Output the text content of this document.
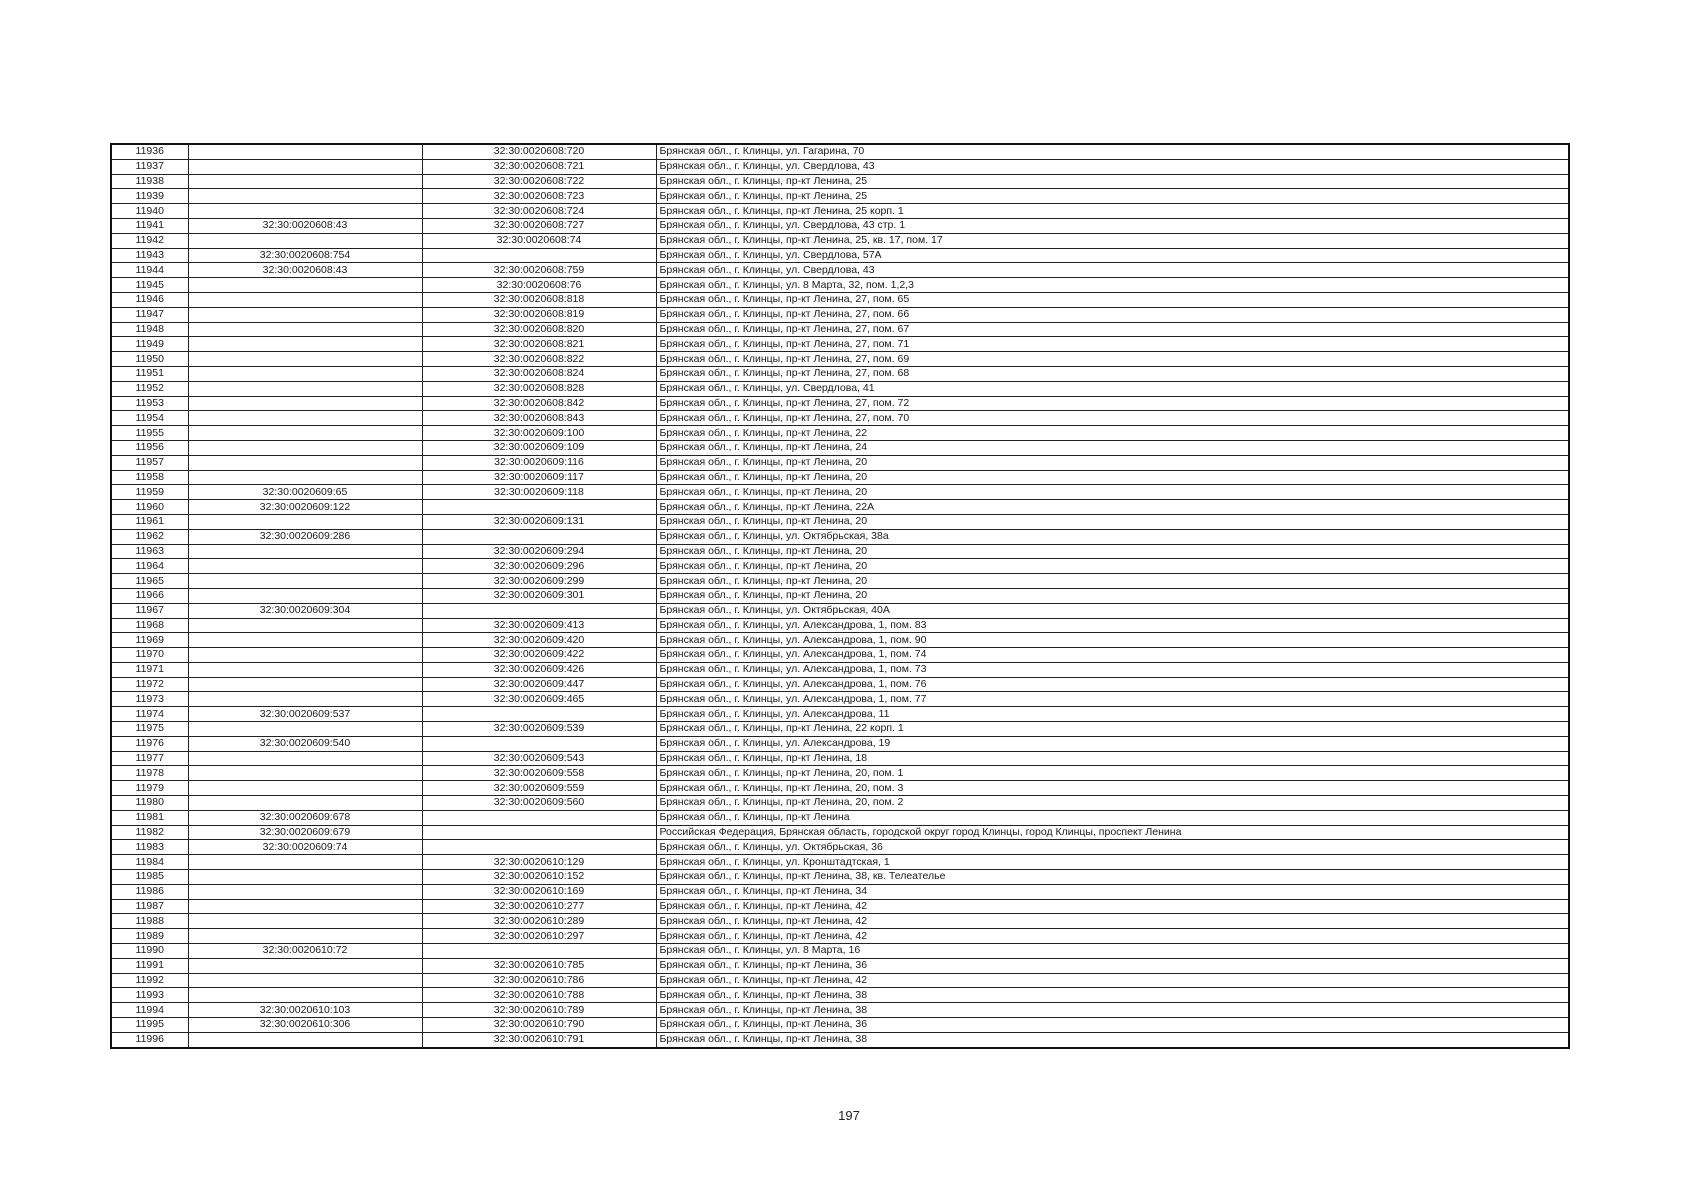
11936		32:30:0020608:720	Брянская обл., г. Клинцы, ул. Гагарина, 70
11937		32:30:0020608:721	Брянская обл., г. Клинцы, ул. Свердлова, 43
11938		32:30:0020608:722	Брянская обл., г. Клинцы, пр-кт Ленина, 25
11939		32:30:0020608:723	Брянская обл., г. Клинцы, пр-кт Ленина, 25
11940		32:30:0020608:724	Брянская обл., г. Клинцы, пр-кт Ленина, 25 корп. 1
11941	32:30:0020608:43	32:30:0020608:727	Брянская обл., г. Клинцы, ул. Свердлова, 43 стр. 1
11942		32:30:0020608:74	Брянская обл., г. Клинцы, пр-кт Ленина, 25, кв. 17, пом. 17
11943	32:30:0020608:754		Брянская обл., г. Клинцы, ул. Свердлова, 57А
11944	32:30:0020608:43	32:30:0020608:759	Брянская обл., г. Клинцы, ул. Свердлова, 43
11945		32:30:0020608:76	Брянская обл., г. Клинцы, ул. 8 Марта, 32, пом. 1,2,3
11946		32:30:0020608:818	Брянская обл., г. Клинцы, пр-кт Ленина, 27, пом. 65
11947		32:30:0020608:819	Брянская обл., г. Клинцы, пр-кт Ленина, 27, пом. 66
11948		32:30:0020608:820	Брянская обл., г. Клинцы, пр-кт Ленина, 27, пом. 67
11949		32:30:0020608:821	Брянская обл., г. Клинцы, пр-кт Ленина, 27, пом. 71
11950		32:30:0020608:822	Брянская обл., г. Клинцы, пр-кт Ленина, 27, пом. 69
11951		32:30:0020608:824	Брянская обл., г. Клинцы, пр-кт Ленина, 27, пом. 68
11952		32:30:0020608:828	Брянская обл., г. Клинцы, ул. Свердлова, 41
11953		32:30:0020608:842	Брянская обл., г. Клинцы, пр-кт Ленина, 27, пом. 72
11954		32:30:0020608:843	Брянская обл., г. Клинцы, пр-кт Ленина, 27, пом. 70
11955		32:30:0020609:100	Брянская обл., г. Клинцы, пр-кт Ленина, 22
11956		32:30:0020609:109	Брянская обл., г. Клинцы, пр-кт Ленина, 24
11957		32:30:0020609:116	Брянская обл., г. Клинцы, пр-кт Ленина, 20
11958		32:30:0020609:117	Брянская обл., г. Клинцы, пр-кт Ленина, 20
11959	32:30:0020609:65	32:30:0020609:118	Брянская обл., г. Клинцы, пр-кт Ленина, 20
11960	32:30:0020609:122		Брянская обл., г. Клинцы, пр-кт Ленина, 22А
11961		32:30:0020609:131	Брянская обл., г. Клинцы, пр-кт Ленина, 20
11962	32:30:0020609:286		Брянская обл., г. Клинцы, ул. Октябрьская, 38а
11963		32:30:0020609:294	Брянская обл., г. Клинцы, пр-кт Ленина, 20
11964		32:30:0020609:296	Брянская обл., г. Клинцы, пр-кт Ленина, 20
11965		32:30:0020609:299	Брянская обл., г. Клинцы, пр-кт Ленина, 20
11966		32:30:0020609:301	Брянская обл., г. Клинцы, пр-кт Ленина, 20
11967	32:30:0020609:304		Брянская обл., г. Клинцы, ул. Октябрьская, 40А
11968		32:30:0020609:413	Брянская обл., г. Клинцы, ул. Александрова, 1, пом. 83
11969		32:30:0020609:420	Брянская обл., г. Клинцы, ул. Александрова, 1, пом. 90
11970		32:30:0020609:422	Брянская обл., г. Клинцы, ул. Александрова, 1, пом. 74
11971		32:30:0020609:426	Брянская обл., г. Клинцы, ул. Александрова, 1, пом. 73
11972		32:30:0020609:447	Брянская обл., г. Клинцы, ул. Александрова, 1, пом. 76
11973		32:30:0020609:465	Брянская обл., г. Клинцы, ул. Александрова, 1, пом. 77
11974	32:30:0020609:537		Брянская обл., г. Клинцы, ул. Александрова, 11
11975		32:30:0020609:539	Брянская обл., г. Клинцы, пр-кт Ленина, 22 корп. 1
11976	32:30:0020609:540		Брянская обл., г. Клинцы, ул. Александрова, 19
11977		32:30:0020609:543	Брянская обл., г. Клинцы, пр-кт Ленина, 18
11978		32:30:0020609:558	Брянская обл., г. Клинцы, пр-кт Ленина, 20, пом. 1
11979		32:30:0020609:559	Брянская обл., г. Клинцы, пр-кт Ленина, 20, пом. 3
11980		32:30:0020609:560	Брянская обл., г. Клинцы, пр-кт Ленина, 20, пом. 2
11981	32:30:0020609:678		Брянская обл., г. Клинцы, пр-кт Ленина
11982	32:30:0020609:679		Российская Федерация, Брянская область, городской округ город Клинцы, город Клинцы, проспект Ленина
11983	32:30:0020609:74		Брянская обл., г. Клинцы, ул. Октябрьская, 36
11984		32:30:0020610:129	Брянская обл., г. Клинцы, ул. Кронштадтская, 1
11985		32:30:0020610:152	Брянская обл., г. Клинцы, пр-кт Ленина, 38, кв. Телеателье
11986		32:30:0020610:169	Брянская обл., г. Клинцы, пр-кт Ленина, 34
11987		32:30:0020610:277	Брянская обл., г. Клинцы, пр-кт Ленина, 42
11988		32:30:0020610:289	Брянская обл., г. Клинцы, пр-кт Ленина, 42
11989		32:30:0020610:297	Брянская обл., г. Клинцы, пр-кт Ленина, 42
11990	32:30:0020610:72		Брянская обл., г. Клинцы, ул. 8 Марта, 16
11991		32:30:0020610:785	Брянская обл., г. Клинцы, пр-кт Ленина, 36
11992		32:30:0020610:786	Брянская обл., г. Клинцы, пр-кт Ленина, 42
11993		32:30:0020610:788	Брянская обл., г. Клинцы, пр-кт Ленина, 38
11994	32:30:0020610:103	32:30:0020610:789	Брянская обл., г. Клинцы, пр-кт Ленина, 38
11995	32:30:0020610:306	32:30:0020610:790	Брянская обл., г. Клинцы, пр-кт Ленина, 36
11996		32:30:0020610:791	Брянская обл., г. Клинцы, пр-кт Ленина, 38
197
